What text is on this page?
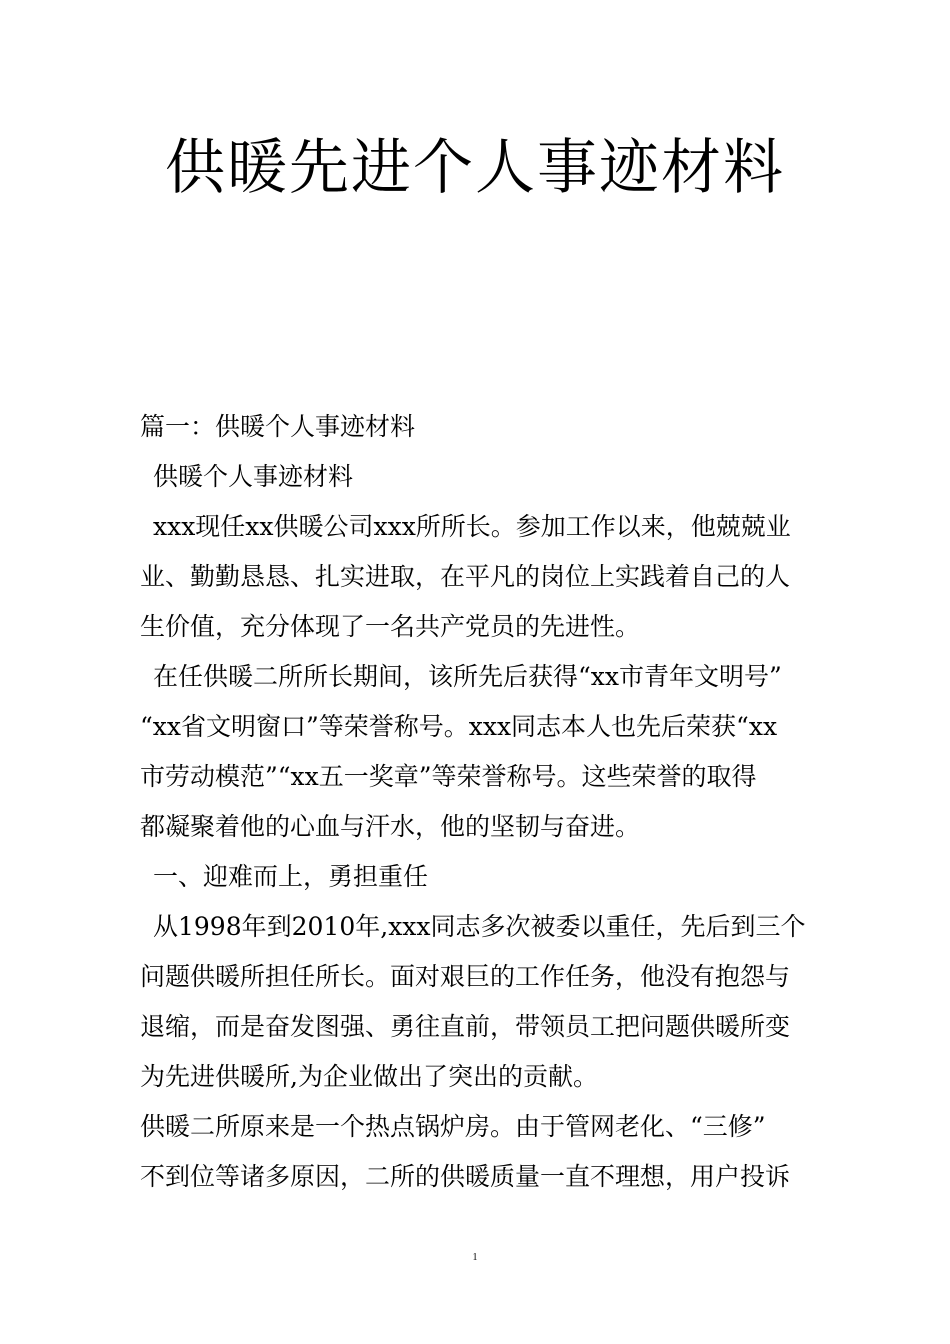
供暖先进个人事迹材料
篇一：供暖个人事迹材料
供暖个人事迹材料
xxx现任xx供暖公司xxx所所长。参加工作以来，他兢兢业
业、勤勤恳恳、扎实进取，在平凡的岗位上实践着自己的人
生价值，充分体现了一名共产党员的先进性。
在任供暖二所所长期间，该所先后获得“xx市青年文明号”
“xx省文明窗口”等荣誉称号。xxx同志本人也先后荣获“xx
市劳动模范”“xx五一奖章”等荣誉称号。这些荣誉的取得
都凝聚着他的心血与汗水，他的坚韧与奋进。
一、迎难而上，勇担重任
从1998年到2010年,xxx同志多次被委以重任，先后到三个
问题供暖所担任所长。面对艰巨的工作任务，他没有抱怨与
退缩，而是奋发图强、勇往直前，带领员工把问题供暖所变
为先进供暖所,为企业做出了突出的贡献。
供暖二所原来是一个热点锅炉房。由于管网老化、“三修”
不到位等诸多原因，二所的供暖质量一直不理想，用户投诉
1
